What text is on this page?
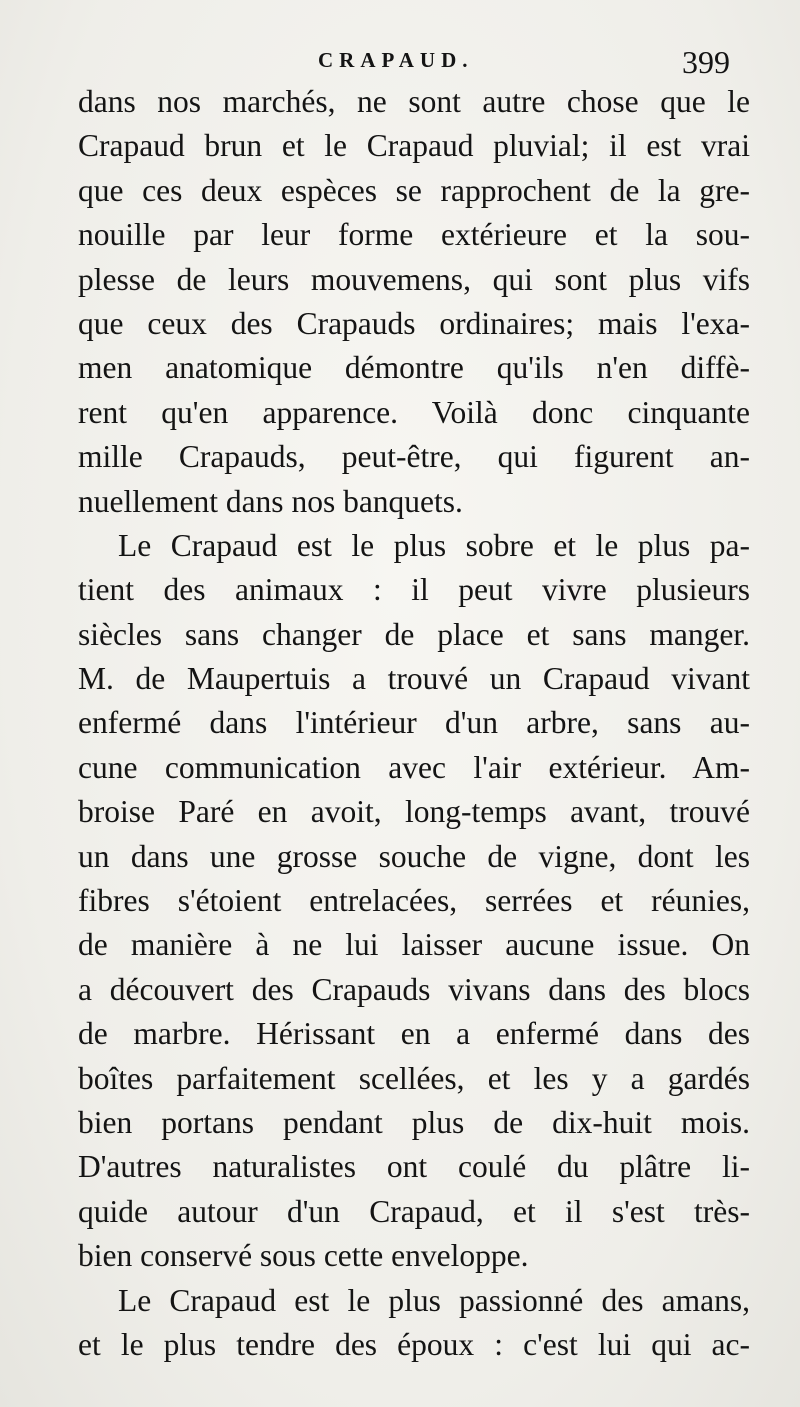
CRAPAUD.	399
dans nos marchés, ne sont autre chose que le
Crapaud brun et le Crapaud pluvial; il est vrai
que ces deux espèces se rapprochent de la gre-
nouille par leur forme extérieure et la sou-
plesse de leurs mouvemens, qui sont plus vifs
que ceux des Crapauds ordinaires; mais l'exa-
men anatomique démontre qu'ils n'en diffè-
rent qu'en apparence. Voilà donc cinquante
mille Crapauds, peut-être, qui figurent an-
nuellement dans nos banquets.
Le Crapaud est le plus sobre et le plus pa-
tient des animaux : il peut vivre plusieurs
siècles sans changer de place et sans manger.
M. de Maupertuis a trouvé un Crapaud vivant
enfermé dans l'intérieur d'un arbre, sans au-
cune communication avec l'air extérieur. Am-
broise Paré en avoit, long-temps avant, trouvé
un dans une grosse souche de vigne, dont les
fibres s'étoient entrelacées, serrées et réunies,
de manière à ne lui laisser aucune issue. On
a découvert des Crapauds vivans dans des blocs
de marbre. Hérissant en a enfermé dans des
boîtes parfaitement scellées, et les y a gardés
bien portans pendant plus de dix-huit mois.
D'autres naturalistes ont coulé du plâtre li-
quide autour d'un Crapaud, et il s'est très-
bien conservé sous cette enveloppe.
Le Crapaud est le plus passionné des amans,
et le plus tendre des époux : c'est lui qui ac-
